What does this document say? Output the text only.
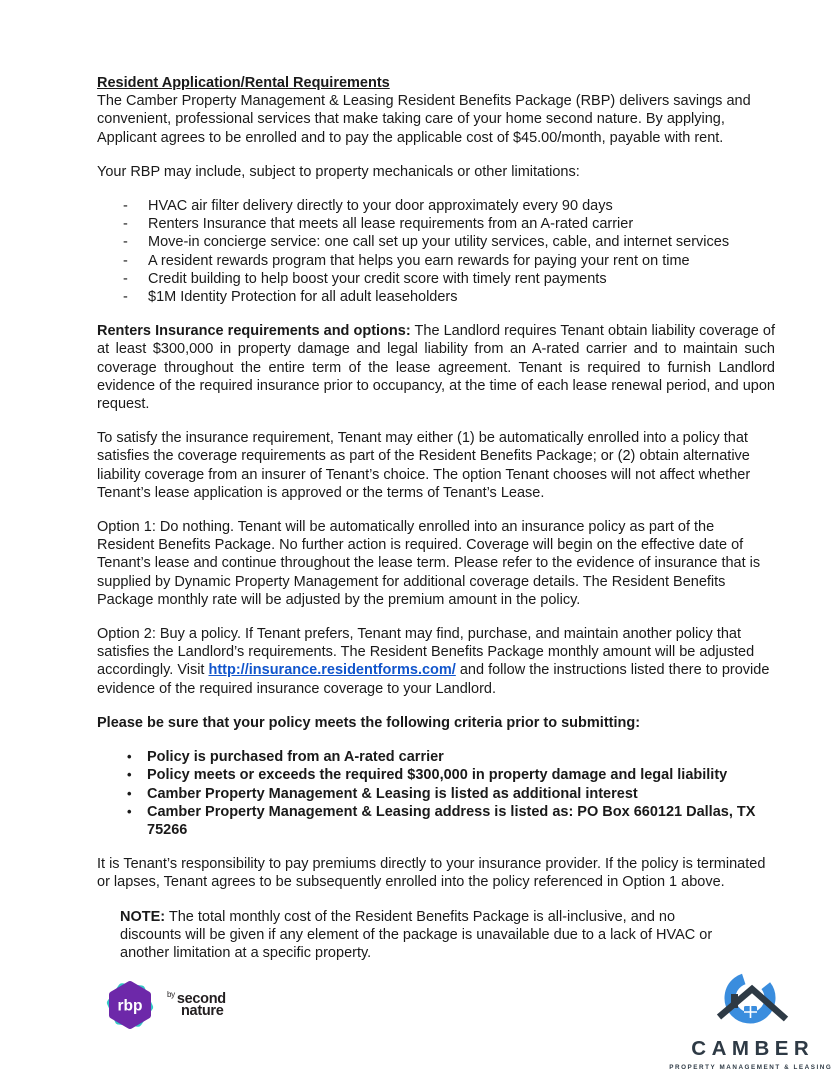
Resident Application/Rental Requirements

The Camber Property Management & Leasing Resident Benefits Package (RBP) delivers savings and convenient, professional services that make taking care of your home second nature. By applying, Applicant agrees to be enrolled and to pay the applicable cost of $45.00/month, payable with rent.

Your RBP may include, subject to property mechanicals or other limitations:

- HVAC air filter delivery directly to your door approximately every 90 days
- Renters Insurance that meets all lease requirements from an A-rated carrier
- Move-in concierge service: one call set up your utility services, cable, and internet services
- A resident rewards program that helps you earn rewards for paying your rent on time
- Credit building to help boost your credit score with timely rent payments
- $1M Identity Protection for all adult leaseholders

Renters Insurance requirements and options: The Landlord requires Tenant obtain liability coverage of at least $300,000 in property damage and legal liability from an A-rated carrier and to maintain such coverage throughout the entire term of the lease agreement. Tenant is required to furnish Landlord evidence of the required insurance prior to occupancy, at the time of each lease renewal period, and upon request.

To satisfy the insurance requirement, Tenant may either (1) be automatically enrolled into a policy that satisfies the coverage requirements as part of the Resident Benefits Package; or (2) obtain alternative liability coverage from an insurer of Tenant’s choice. The option Tenant chooses will not affect whether Tenant’s lease application is approved or the terms of Tenant’s Lease.

Option 1: Do nothing. Tenant will be automatically enrolled into an insurance policy as part of the Resident Benefits Package. No further action is required. Coverage will begin on the effective date of Tenant’s lease and continue throughout the lease term. Please refer to the evidence of insurance that is supplied by Dynamic Property Management for additional coverage details. The Resident Benefits Package monthly rate will be adjusted by the premium amount in the policy.

Option 2: Buy a policy. If Tenant prefers, Tenant may find, purchase, and maintain another policy that satisfies the Landlord’s requirements. The Resident Benefits Package monthly amount will be adjusted accordingly. Visit http://insurance.residentforms.com/ and follow the instructions listed there to provide evidence of the required insurance coverage to your Landlord.

Please be sure that your policy meets the following criteria prior to submitting:

• Policy is purchased from an A-rated carrier
• Policy meets or exceeds the required $300,000 in property damage and legal liability
• Camber Property Management & Leasing is listed as additional interest
• Camber Property Management & Leasing address is listed as: PO Box 660121 Dallas, TX 75266

It is Tenant’s responsibility to pay premiums directly to your insurance provider. If the policy is terminated or lapses, Tenant agrees to be subsequently enrolled into the policy referenced in Option 1 above.

NOTE: The total monthly cost of the Resident Benefits Package is all-inclusive, and no discounts will be given if any element of the package is unavailable due to a lack of HVAC or another limitation at a specific property.

rbp
$^{by}$ second
nature
CAMBER
PROPERTY MANAGEMENT & LEASING
